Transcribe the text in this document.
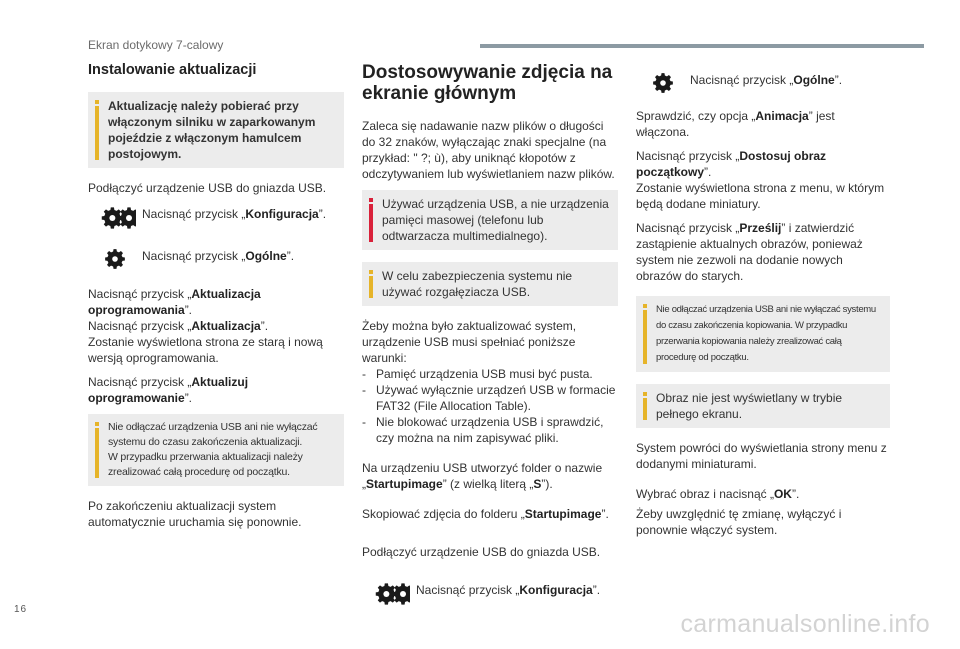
Ekran dotykowy 7-calowy
Instalowanie aktualizacji
Aktualizację należy pobierać przy włączonym silniku w zaparkowanym pojeździe z włączonym hamulcem postojowym.

Podłączyć urządzenie USB do gniazda USB.

Nacisnąć przycisk „Konfiguracja”.
Nacisnąć przycisk „Ogólne”.

Nacisnąć przycisk „Aktualizacja oprogramowania”.

Nacisnąć przycisk „Aktualizacja”.

Zostanie wyświetlona strona ze starą i nową wersją oprogramowania.

Nacisnąć przycisk „Aktualizuj oprogramowanie”.

Nie odłączać urządzenia USB ani nie wyłączać systemu do czasu zakończenia aktualizacji.
W przypadku przerwania aktualizacji należy zrealizować całą procedurę od początku.

Po zakończeniu aktualizacji system automatycznie uruchamia się ponownie.

Dostosowywanie zdjęcia na ekranie głównym

Zaleca się nadawanie nazw plików o długości do 32 znaków, wyłączając znaki specjalne (na przykład: " ?; ù), aby uniknąć kłopotów z odczytywaniem lub wyświetlaniem nazw plików.

Używać urządzenia USB, a nie urządzenia pamięci masowej (telefonu lub odtwarzacza multimedialnego).
W celu zabezpieczenia systemu nie używać rozgałęziacza USB.

Żeby można było zaktualizować system, urządzenie USB musi spełniać poniższe warunki:

- Pamięć urządzenia USB musi być pusta.
- Używać wyłącznie urządzeń USB w formacie FAT32 (File Allocation Table).
- Nie blokować urządzenia USB i sprawdzić, czy można na nim zapisywać pliki.

Na urządzeniu USB utworzyć folder o nazwie „Startupimage” (z wielką literą „S”).

Skopiować zdjęcia do folderu „Startupimage”.

Podłączyć urządzenie USB do gniazda USB.

Nacisnąć przycisk „Konfiguracja”.
Nacisnąć przycisk „Ogólne”.

Sprawdzić, czy opcja „Animacja” jest włączona.

Nacisnąć przycisk „Dostosuj obraz początkowy”.

Zostanie wyświetlona strona z menu, w którym będą dodane miniatury.

Nacisnąć przycisk „Prześlij” i zatwierdzić zastąpienie aktualnych obrazów, ponieważ system nie zezwoli na dodanie nowych obrazów do starych.

Nie odłączać urządzenia USB ani nie wyłączać systemu do czasu zakończenia kopiowania. W przypadku przerwania kopiowania należy zrealizować całą procedurę od początku.
Obraz nie jest wyświetlany w trybie pełnego ekranu.

System powróci do wyświetlania strony menu z dodanymi miniaturami.

Wybrać obraz i nacisnąć „OK”.

Żeby uwzględnić tę zmianę, wyłączyć i ponownie włączyć system.

16
carmanualsonline.info
